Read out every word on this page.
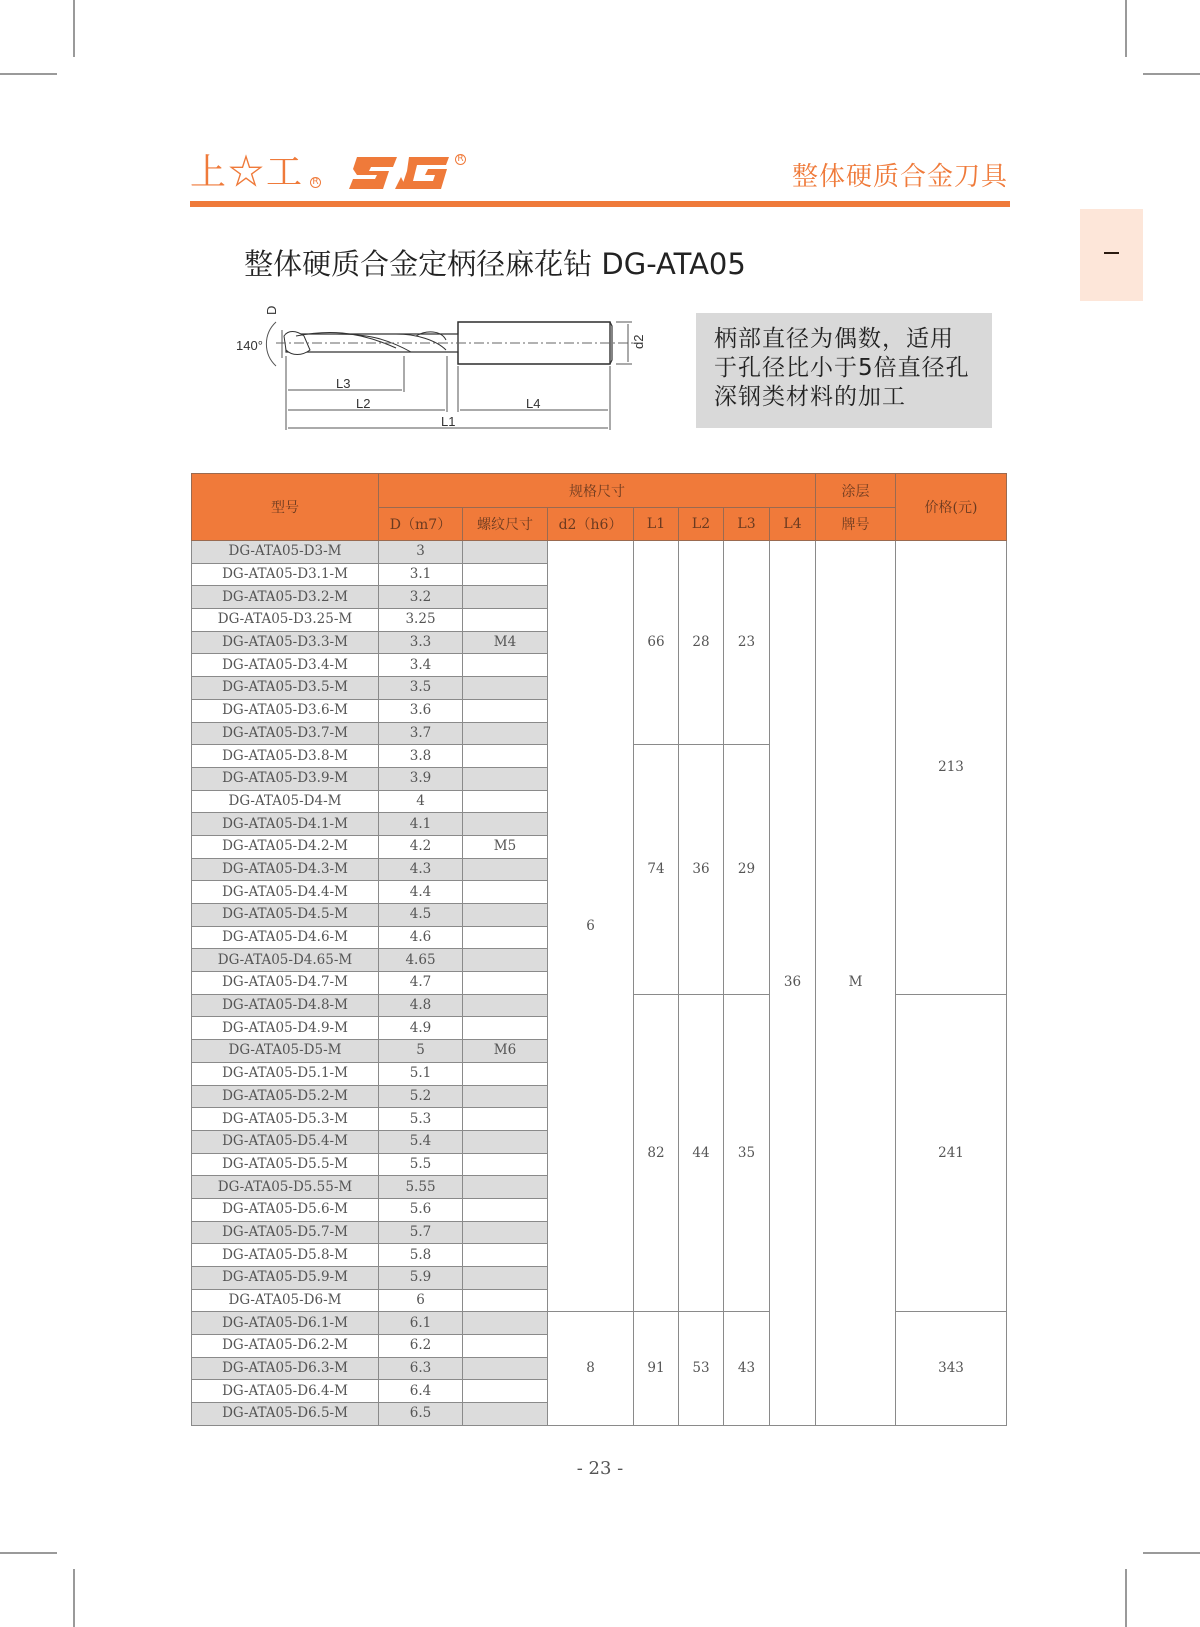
上☆工 R
R
整体硬质合金刀具
整体硬质合金定柄径麻花钻 DG-ATA05
140°
L3
L2	L4
L1
D
d2	柄部直径为偶数，适用
于孔径比小于5倍直径孔
深钢类材料的加工
型号	规格尺寸							涂层	价格(元)
	D（m7）	螺纹尺寸	d2（h6）	L1	L2	L3	L4	牌号	
DG-ATA05-D3-M	3		6	66	28	23	36	M	213
DG-ATA05-D3.1-M	3.1								
DG-ATA05-D3.2-M	3.2								
DG-ATA05-D3.25-M	3.25								
DG-ATA05-D3.3-M	3.3	M4							
DG-ATA05-D3.4-M	3.4								
DG-ATA05-D3.5-M	3.5								
DG-ATA05-D3.6-M	3.6								
DG-ATA05-D3.7-M	3.7								
DG-ATA05-D3.8-M	3.8			74	36	29			
DG-ATA05-D3.9-M	3.9								
DG-ATA05-D4-M	4								
DG-ATA05-D4.1-M	4.1								
DG-ATA05-D4.2-M	4.2	M5							
DG-ATA05-D4.3-M	4.3								
DG-ATA05-D4.4-M	4.4								
DG-ATA05-D4.5-M	4.5								
DG-ATA05-D4.6-M	4.6								
DG-ATA05-D4.65-M	4.65								
DG-ATA05-D4.7-M	4.7								
DG-ATA05-D4.8-M	4.8			82	44	35			241
DG-ATA05-D4.9-M	4.9								
DG-ATA05-D5-M	5	M6							
DG-ATA05-D5.1-M	5.1								
DG-ATA05-D5.2-M	5.2								
DG-ATA05-D5.3-M	5.3								
DG-ATA05-D5.4-M	5.4								
DG-ATA05-D5.5-M	5.5								
DG-ATA05-D5.55-M	5.55								
DG-ATA05-D5.6-M	5.6								
DG-ATA05-D5.7-M	5.7								
DG-ATA05-D5.8-M	5.8								
DG-ATA05-D5.9-M	5.9								
DG-ATA05-D6-M	6								
DG-ATA05-D6.1-M	6.1		8	91	53	43			343
DG-ATA05-D6.2-M	6.2								
DG-ATA05-D6.3-M	6.3								
DG-ATA05-D6.4-M	6.4								
DG-ATA05-D6.5-M	6.5								
- 23 -
